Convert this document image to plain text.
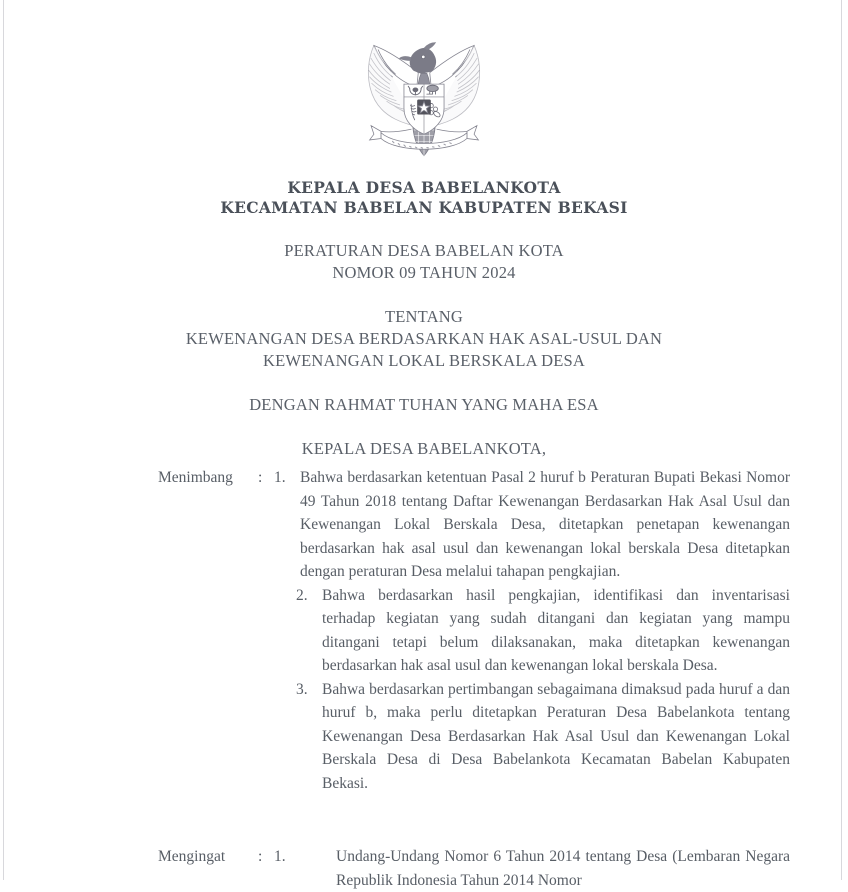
KEPALA DESA BABELANKOTA
KECAMATAN BABELAN KABUPATEN BEKASI
PERATURAN DESA BABELAN KOTA
NOMOR 09 TAHUN 2024
TENTANG
KEWENANGAN DESA BERDASARKAN HAK ASAL-USUL DAN
KEWENANGAN LOKAL BERSKALA DESA
DENGAN RAHMAT TUHAN YANG MAHA ESA
KEPALA DESA BABELANKOTA,
Menimbang	: 1. Bahwa berdasarkan ketentuan Pasal 2 huruf b Peraturan Bupati Bekasi Nomor 49 Tahun 2018 tentang Daftar Kewenangan Berdasarkan Hak Asal Usul dan Kewenangan Lokal Berskala Desa, ditetapkan penetapan kewenangan berdasarkan hak asal usul dan kewenangan lokal berskala Desa ditetapkan dengan peraturan Desa melalui tahapan pengkajian.
2. Bahwa berdasarkan hasil pengkajian, identifikasi dan inventarisasi terhadap kegiatan yang sudah ditangani dan kegiatan yang mampu ditangani tetapi belum dilaksanakan, maka ditetapkan kewenangan berdasarkan hak asal usul dan kewenangan lokal berskala Desa.
3. Bahwa berdasarkan pertimbangan sebagaimana dimaksud pada huruf a dan huruf b, maka perlu ditetapkan Peraturan Desa Babelankota tentang Kewenangan Desa Berdasarkan Hak Asal Usul dan Kewenangan Lokal Berskala Desa di Desa Babelankota Kecamatan Babelan Kabupaten Bekasi.
Mengingat	: 1.	Undang-Undang Nomor 6 Tahun 2014 tentang Desa (Lembaran Negara Republik Indonesia Tahun 2014 Nomor
